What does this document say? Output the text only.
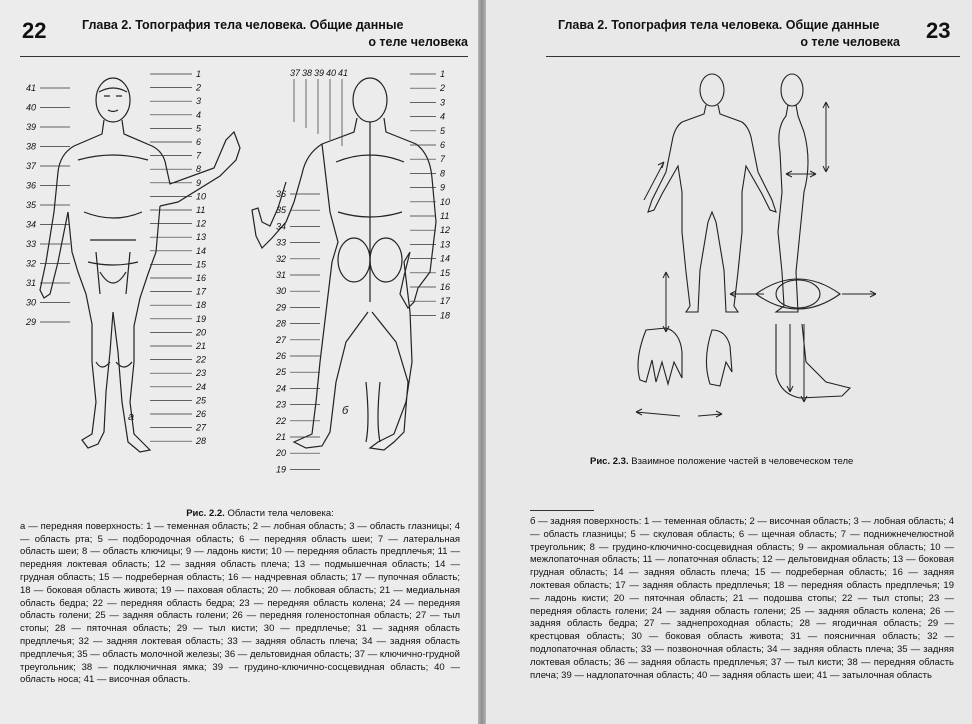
22	Глава 2. Топография тела человека. Общие данные
о теле человека
а	б
41
40
39
38
37
36
35
34
33
32
31
30
29
1
2
3
4
5
6
7
8
9
10
11
12
13
14
15
16
17
18
19
20
21
22
23
24
25
26
27
28
36
35
34
33
32
31
30
29
28
27
26
25
24
23
22
21
20
19
1
2
3
4
5
6
7
8
9
10
11
12
13
14
15
16
17
18
37 38 39 40 41
Рис. 2.2. Области тела человека:
а — передняя поверхность: 1 — теменная область; 2 — лобная область; 3 — область глазницы; 4 — область рта; 5 — подбородочная область; 6 — передняя область шеи; 7 — латеральная область шеи; 8 — область ключицы; 9 — ладонь кисти; 10 — передняя область предплечья; 11 — передняя локтевая область; 12 — задняя область плеча; 13 — подмышечная область; 14 — грудная область; 15 — подреберная область; 16 — надчревная область; 17 — пупочная область; 18 — боковая область живота; 19 — паховая область; 20 — лобковая область; 21 — медиальная область бедра; 22 — передняя область бедра; 23 — передняя область колена; 24 — передняя область голени; 25 — задняя область голени; 26 — передняя голеностопная область; 27 — тыл стопы; 28 — пяточная область; 29 — тыл кисти; 30 — предплечье; 31 — задняя область предплечья; 32 — задняя локтевая область; 33 — задняя область плеча; 34 — задняя область предплечья; 35 — область молочной железы; 36 — дельтовидная область; 37 — ключично-грудной треугольник; 38 — подключичная ямка; 39 — грудино-ключично-сосцевидная область; 40 — область носа; 41 — височная область.
Глава 2. Топография тела человека. Общие данные
о теле человека 23
Рис. 2.3. Взаимное положение частей в человеческом теле
б — задняя поверхность: 1 — теменная область; 2 — височная область; 3 — лобная область; 4 — область глазницы; 5 — скуловая область; 6 — щечная область; 7 — поднижнечелюстной треугольник; 8 — грудино-ключично-сосцевидная область; 9 — акромиальная область; 10 — межлопаточная область; 11 — лопаточная область; 12 — дельтовидная область; 13 — боковая грудная область; 14 — задняя область плеча; 15 — подреберная область; 16 — задняя локтевая область; 17 — задняя область предплечья; 18 — передняя область предплечья; 19 — ладонь кисти; 20 — пяточная область; 21 — подошва стопы; 22 — тыл стопы; 23 — передняя область голени; 24 — задняя область голени; 25 — задняя область колена; 26 — задняя область бедра; 27 — заднепроходная область; 28 — ягодичная область; 29 — крестцовая область; 30 — боковая область живота; 31 — поясничная область; 32 — подлопаточная область; 33 — позвоночная область; 34 — задняя область плеча; 35 — задняя локтевая область; 36 — задняя область предплечья; 37 — тыл кисти; 38 — передняя область плеча; 39 — надлопаточная область; 40 — задняя область шеи; 41 — затылочная область
